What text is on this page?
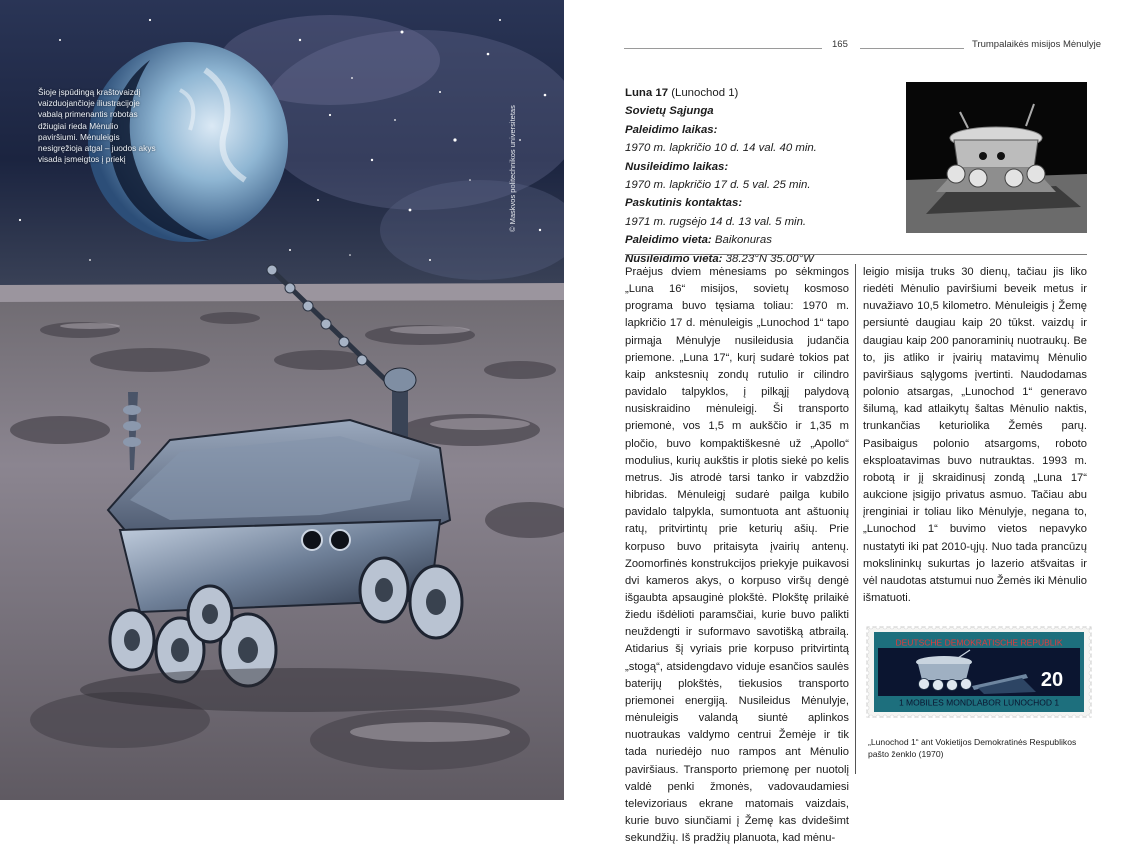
Šioje įspūdingą kraštovaizdį vaizduojančioje iliustracijoje vabalą primenantis robotas džiugiai rieda Mėnulio paviršiumi. Mėnuleigis nesigręžioja atgal – juodos akys visada įsmeigtos į priekį	© Maskvos politechnikos universitetas
165	Trumpalaikės misijos Mėnulyje
Luna 17 (Lunochod 1)
Sovietų Sąjunga
Paleidimo laikas:
1970 m. lapkričio 10 d. 14 val. 40 min.
Nusileidimo laikas:
1970 m. lapkričio 17 d. 5 val. 25 min.
Paskutinis kontaktas:
1971 m. rugsėjo 14 d. 13 val. 5 min.
Paleidimo vieta: Baikonuras
Nusileidimo vieta: 38.23°N 35.00°W
Praėjus dviem mėnesiams po sėkmingos „Luna 16“ misijos, sovietų kosmoso programa buvo tęsiama toliau: 1970 m. lapkričio 17 d. mėnuleigis „Lunochod 1“ tapo pirmąja Mėnulyje nusileidusia judančia priemone. „Luna 17“, kurį sudarė tokios pat kaip ankstesnių zondų rutulio ir cilindro pavidalo talpyklos, į pilkąjį palydovą nusiskraidino mėnuleigį. Ši transporto priemonė, vos 1,5 m aukščio ir 1,35 m pločio, buvo kompaktiškesnė už „Apollo“ modulius, kurių aukštis ir plotis siekė po kelis metrus. Jis atrodė tarsi tanko ir vabzdžio hibridas. Mėnuleigį sudarė pailga kubilo pavidalo talpykla, sumontuota ant aštuonių ratų, pritvirtintų prie keturių ašių. Prie korpuso buvo pritaisyta įvairių antenų. Zoomorfinės konstrukcijos priekyje puikavosi dvi kameros akys, o korpuso viršų dengė išgaubta apsauginė plokštė. Plokštę prilaikė žiedu išdėlioti paramsčiai, kurie buvo palikti neuždengti ir suformavo savotišką atbrailą. Atidarius šį vyriais prie korpuso pritvirtintą „stogą“, atsidengdavo viduje esančios saulės baterijų plokštės, tiekusios transporto priemonei energiją. Nusileidus Mėnulyje, mėnuleigis valandą siuntė aplinkos nuotraukas valdymo centrui Žemėje ir tik tada nuriedėjo nuo rampos ant Mėnulio paviršiaus. Transporto priemonę per nuotolį valdė penki žmonės, vadovaudamiesi televizoriaus ekrane matomais vaizdais, kurie buvo siunčiami į Žemę kas dvidešimt sekundžių. Iš pradžių planuota, kad mėnu-
leigio misija truks 30 dienų, tačiau jis liko riedėti Mėnulio paviršiumi beveik metus ir nuvažiavo 10,5 kilometro. Mėnuleigis į Žemę persiuntė daugiau kaip 20 tūkst. vaizdų ir daugiau kaip 200 panoraminių nuotraukų. Be to, jis atliko ir įvairių matavimų Mėnulio paviršiaus sąlygoms įvertinti. Naudodamas polonio atsargas, „Lunochod 1“ generavo šilumą, kad atlaikytų šaltas Mėnulio naktis, trunkančias keturiolika Žemės parų. Pasibaigus polonio atsargoms, roboto eksploatavimas buvo nutrauktas. 1993 m. robotą ir jį skraidinusį zondą „Luna 17“ aukcione įsigijo privatus asmuo. Tačiau abu įrenginiai ir toliau liko Mėnulyje, negana to, „Lunochod 1“ buvimo vietos nepavyko nustatyti iki pat 2010-ųjų. Nuo tada prancūzų mokslininkų sukurtas jo lazerio atšvaitas ir vėl naudotas atstumui nuo Žemės iki Mėnulio išmatuoti.
DEUTSCHE DEMOKRATISCHE REPUBLIK
1 MOBILES MONDLABOR LUNOCHOD 1
20
„Lunochod 1“ ant Vokietijos Demokratinės Respublikos pašto ženklo (1970)
